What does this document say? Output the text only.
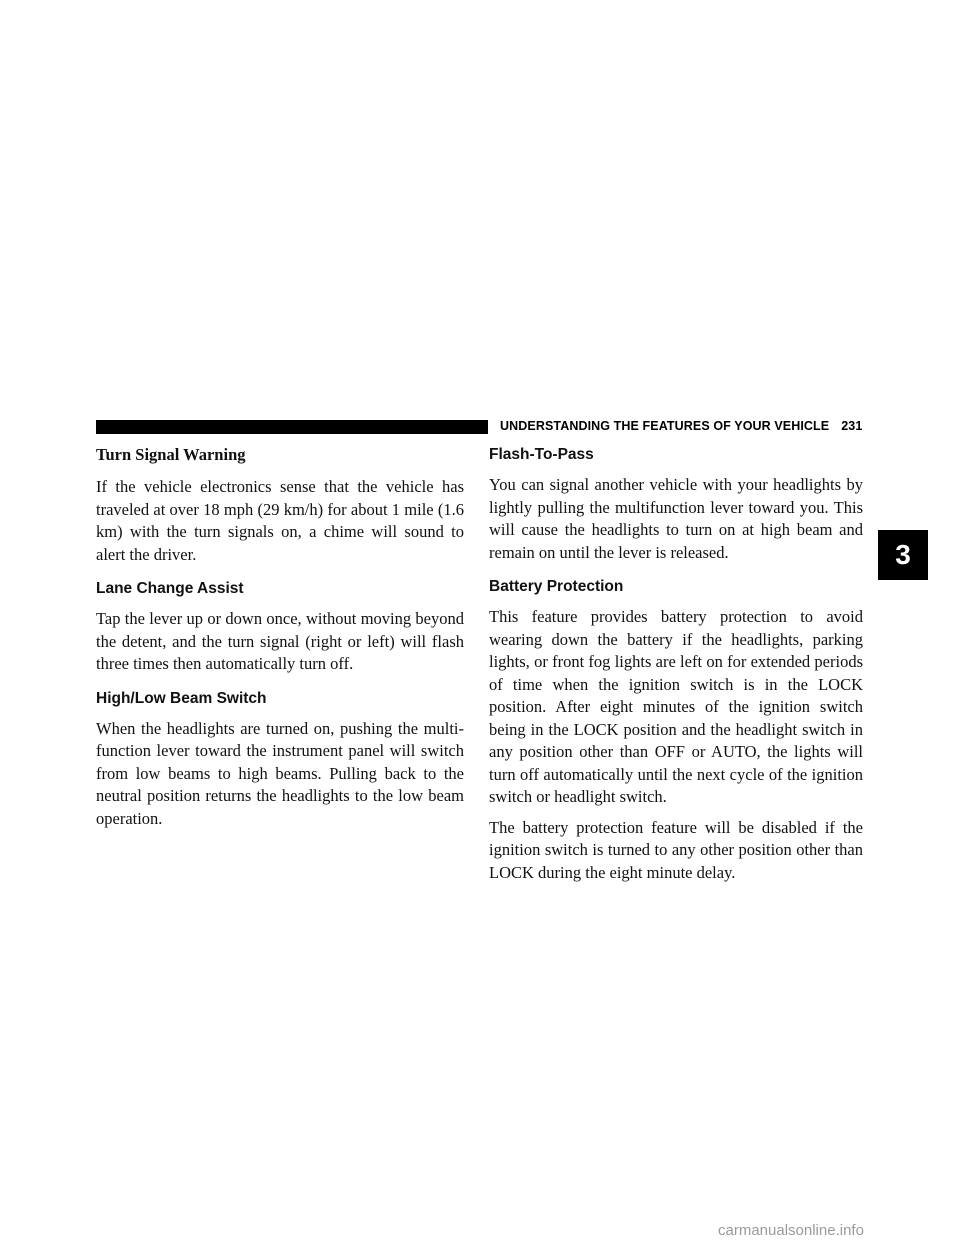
UNDERSTANDING THE FEATURES OF YOUR VEHICLE 231
Turn Signal Warning

If the vehicle electronics sense that the vehicle has traveled at over 18 mph (29 km/h) for about 1 mile (1.6 km) with the turn signals on, a chime will sound to alert the driver.

Lane Change Assist

Tap the lever up or down once, without moving beyond the detent, and the turn signal (right or left) will flash three times then automatically turn off.

High/Low Beam Switch

When the headlights are turned on, pushing the multi-function lever toward the instrument panel will switch from low beams to high beams. Pulling back to the neutral position returns the headlights to the low beam operation.

Flash-To-Pass

You can signal another vehicle with your headlights by lightly pulling the multifunction lever toward you. This will cause the headlights to turn on at high beam and remain on until the lever is released.

Battery Protection

This feature provides battery protection to avoid wearing down the battery if the headlights, parking lights, or front fog lights are left on for extended periods of time when the ignition switch is in the LOCK position. After eight minutes of the ignition switch being in the LOCK position and the headlight switch in any position other than OFF or AUTO, the lights will turn off automatically until the next cycle of the ignition switch or headlight switch.

The battery protection feature will be disabled if the ignition switch is turned to any other position other than LOCK during the eight minute delay.

3
carmanualsonline.info
